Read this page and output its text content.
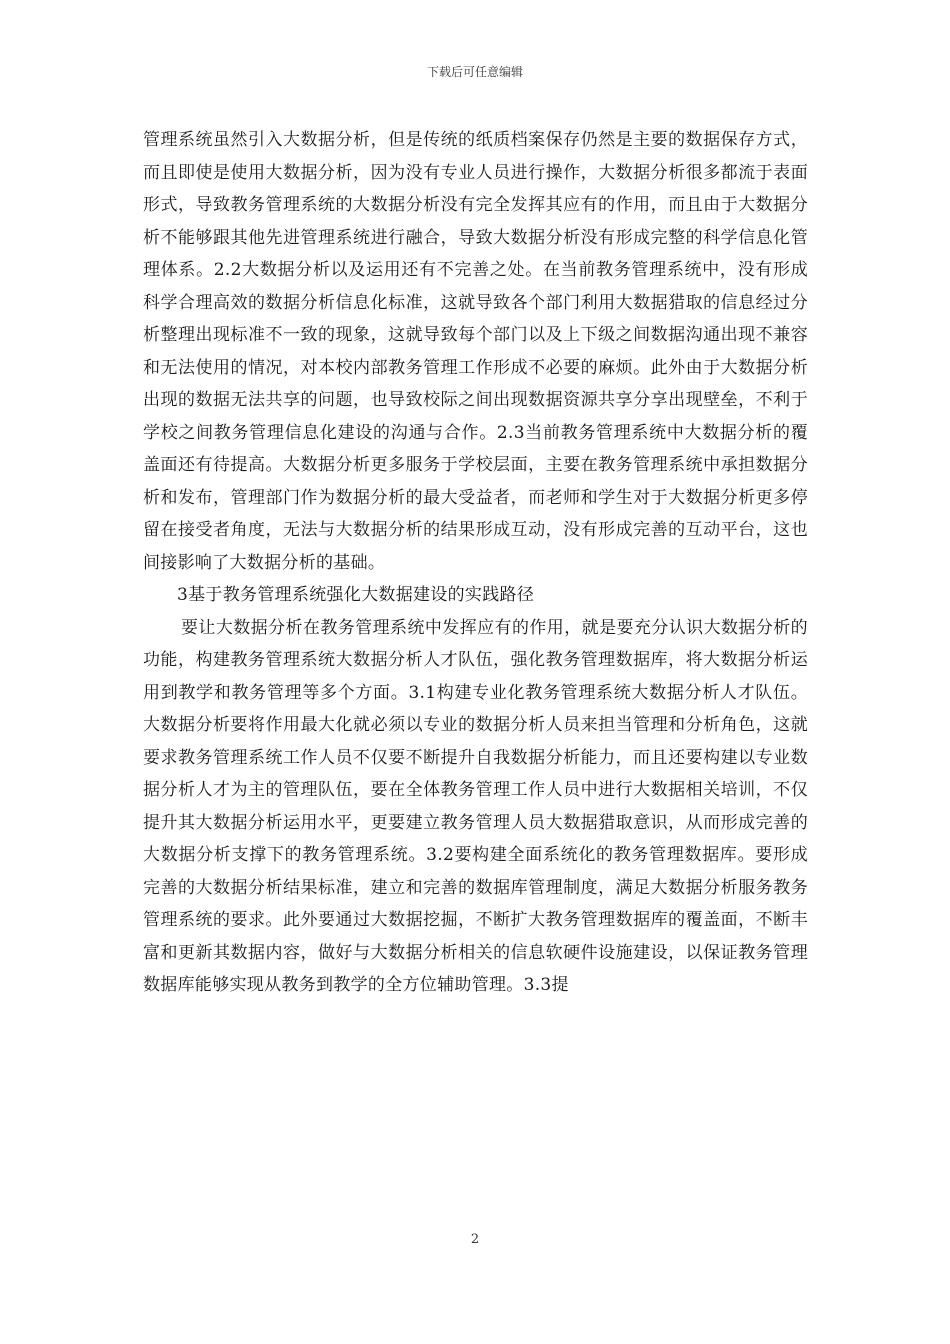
下载后可任意编辑

管理系统虽然引入大数据分析，但是传统的纸质档案保存仍然是主要的数据保存方式，而且即使是使用大数据分析，因为没有专业人员进行操作，大数据分析很多都流于表面形式，导致教务管理系统的大数据分析没有完全发挥其应有的作用，而且由于大数据分析不能够跟其他先进管理系统进行融合，导致大数据分析没有形成完整的科学信息化管理体系。2.2大数据分析以及运用还有不完善之处。在当前教务管理系统中，没有形成科学合理高效的数据分析信息化标准，这就导致各个部门利用大数据猎取的信息经过分析整理出现标准不一致的现象，这就导致每个部门以及上下级之间数据沟通出现不兼容和无法使用的情况，对本校内部教务管理工作形成不必要的麻烦。此外由于大数据分析出现的数据无法共享的问题，也导致校际之间出现数据资源共享分享出现壁垒，不利于学校之间教务管理信息化建设的沟通与合作。2.3当前教务管理系统中大数据分析的覆盖面还有待提高。大数据分析更多服务于学校层面，主要在教务管理系统中承担数据分析和发布，管理部门作为数据分析的最大受益者，而老师和学生对于大数据分析更多停留在接受者角度，无法与大数据分析的结果形成互动，没有形成完善的互动平台，这也间接影响了大数据分析的基础。

3基于教务管理系统强化大数据建设的实践路径

要让大数据分析在教务管理系统中发挥应有的作用，就是要充分认识大数据分析的功能，构建教务管理系统大数据分析人才队伍，强化教务管理数据库，将大数据分析运用到教学和教务管理等多个方面。3.1构建专业化教务管理系统大数据分析人才队伍。大数据分析要将作用最大化就必须以专业的数据分析人员来担当管理和分析角色，这就要求教务管理系统工作人员不仅要不断提升自我数据分析能力，而且还要构建以专业数据分析人才为主的管理队伍，要在全体教务管理工作人员中进行大数据相关培训，不仅提升其大数据分析运用水平，更要建立教务管理人员大数据猎取意识，从而形成完善的大数据分析支撑下的教务管理系统。3.2要构建全面系统化的教务管理数据库。要形成完善的大数据分析结果标准，建立和完善的数据库管理制度，满足大数据分析服务教务管理系统的要求。此外要通过大数据挖掘，不断扩大教务管理数据库的覆盖面，不断丰富和更新其数据内容，做好与大数据分析相关的信息软硬件设施建设，以保证教务管理数据库能够实现从教务到教学的全方位辅助管理。3.3提

2
